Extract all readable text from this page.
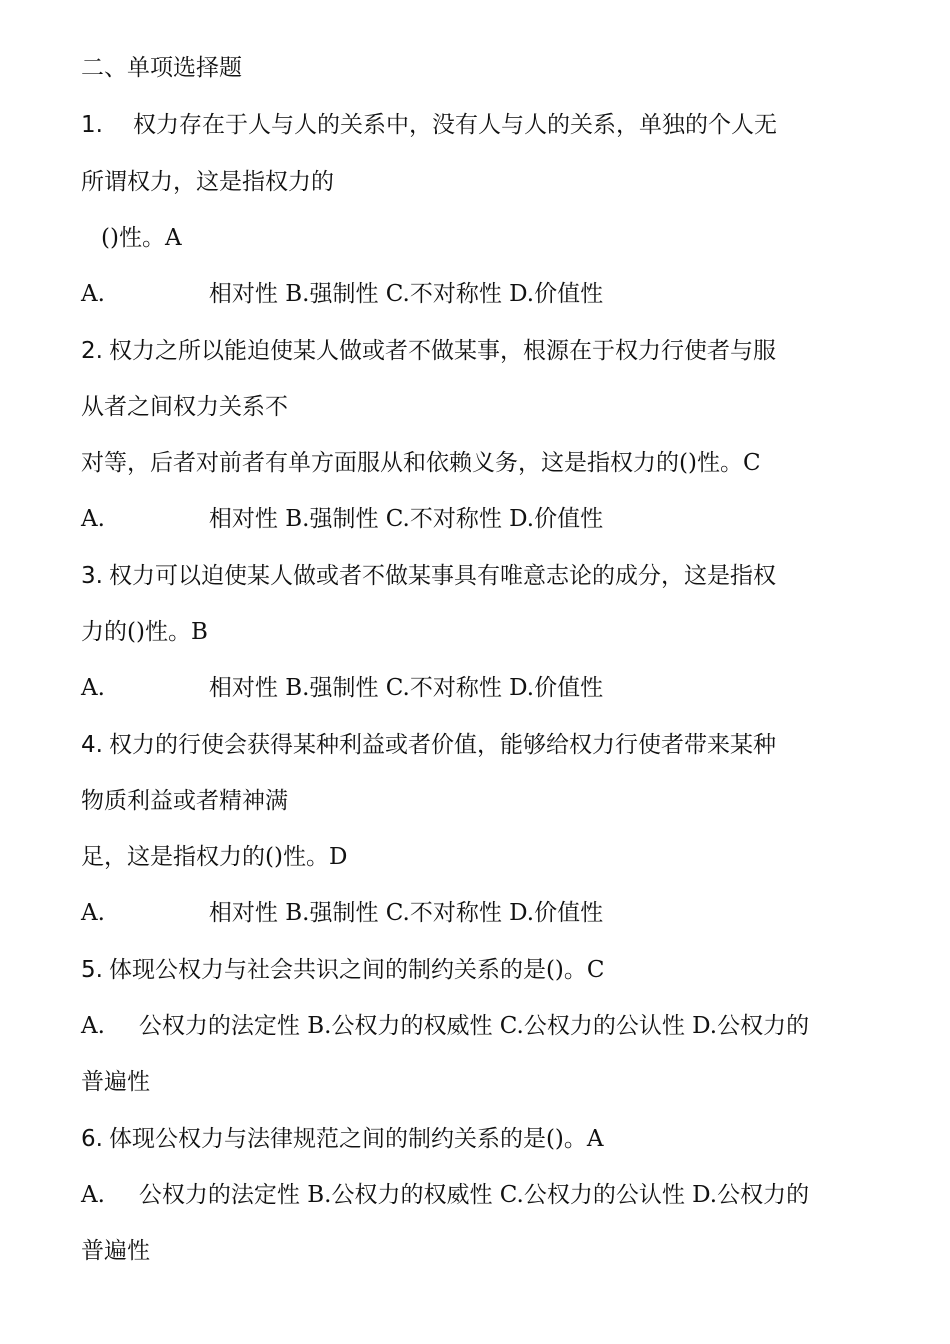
二、单项选择题
1. 权力存在于人与人的关系中，没有人与人的关系，单独的个人无
所谓权力，这是指权力的
()性。A
A.	相对性 B.强制性 C.不对称性 D.价值性
2. 权力之所以能迫使某人做或者不做某事，根源在于权力行使者与服
从者之间权力关系不
对等，后者对前者有单方面服从和依赖义务，这是指权力的()性。C
A.	相对性 B.强制性 C.不对称性 D.价值性
3. 权力可以迫使某人做或者不做某事具有唯意志论的成分，这是指权
力的()性。B
A.	相对性 B.强制性 C.不对称性 D.价值性
4. 权力的行使会获得某种利益或者价值，能够给权力行使者带来某种
物质利益或者精神满
足，这是指权力的()性。D
A.	相对性 B.强制性 C.不对称性 D.价值性
5. 体现公权力与社会共识之间的制约关系的是()。C
A. 公权力的法定性 B.公权力的权威性 C.公权力的公认性 D.公权力的
普遍性
6. 体现公权力与法律规范之间的制约关系的是()。A
A. 公权力的法定性 B.公权力的权威性 C.公权力的公认性 D.公权力的
普遍性
